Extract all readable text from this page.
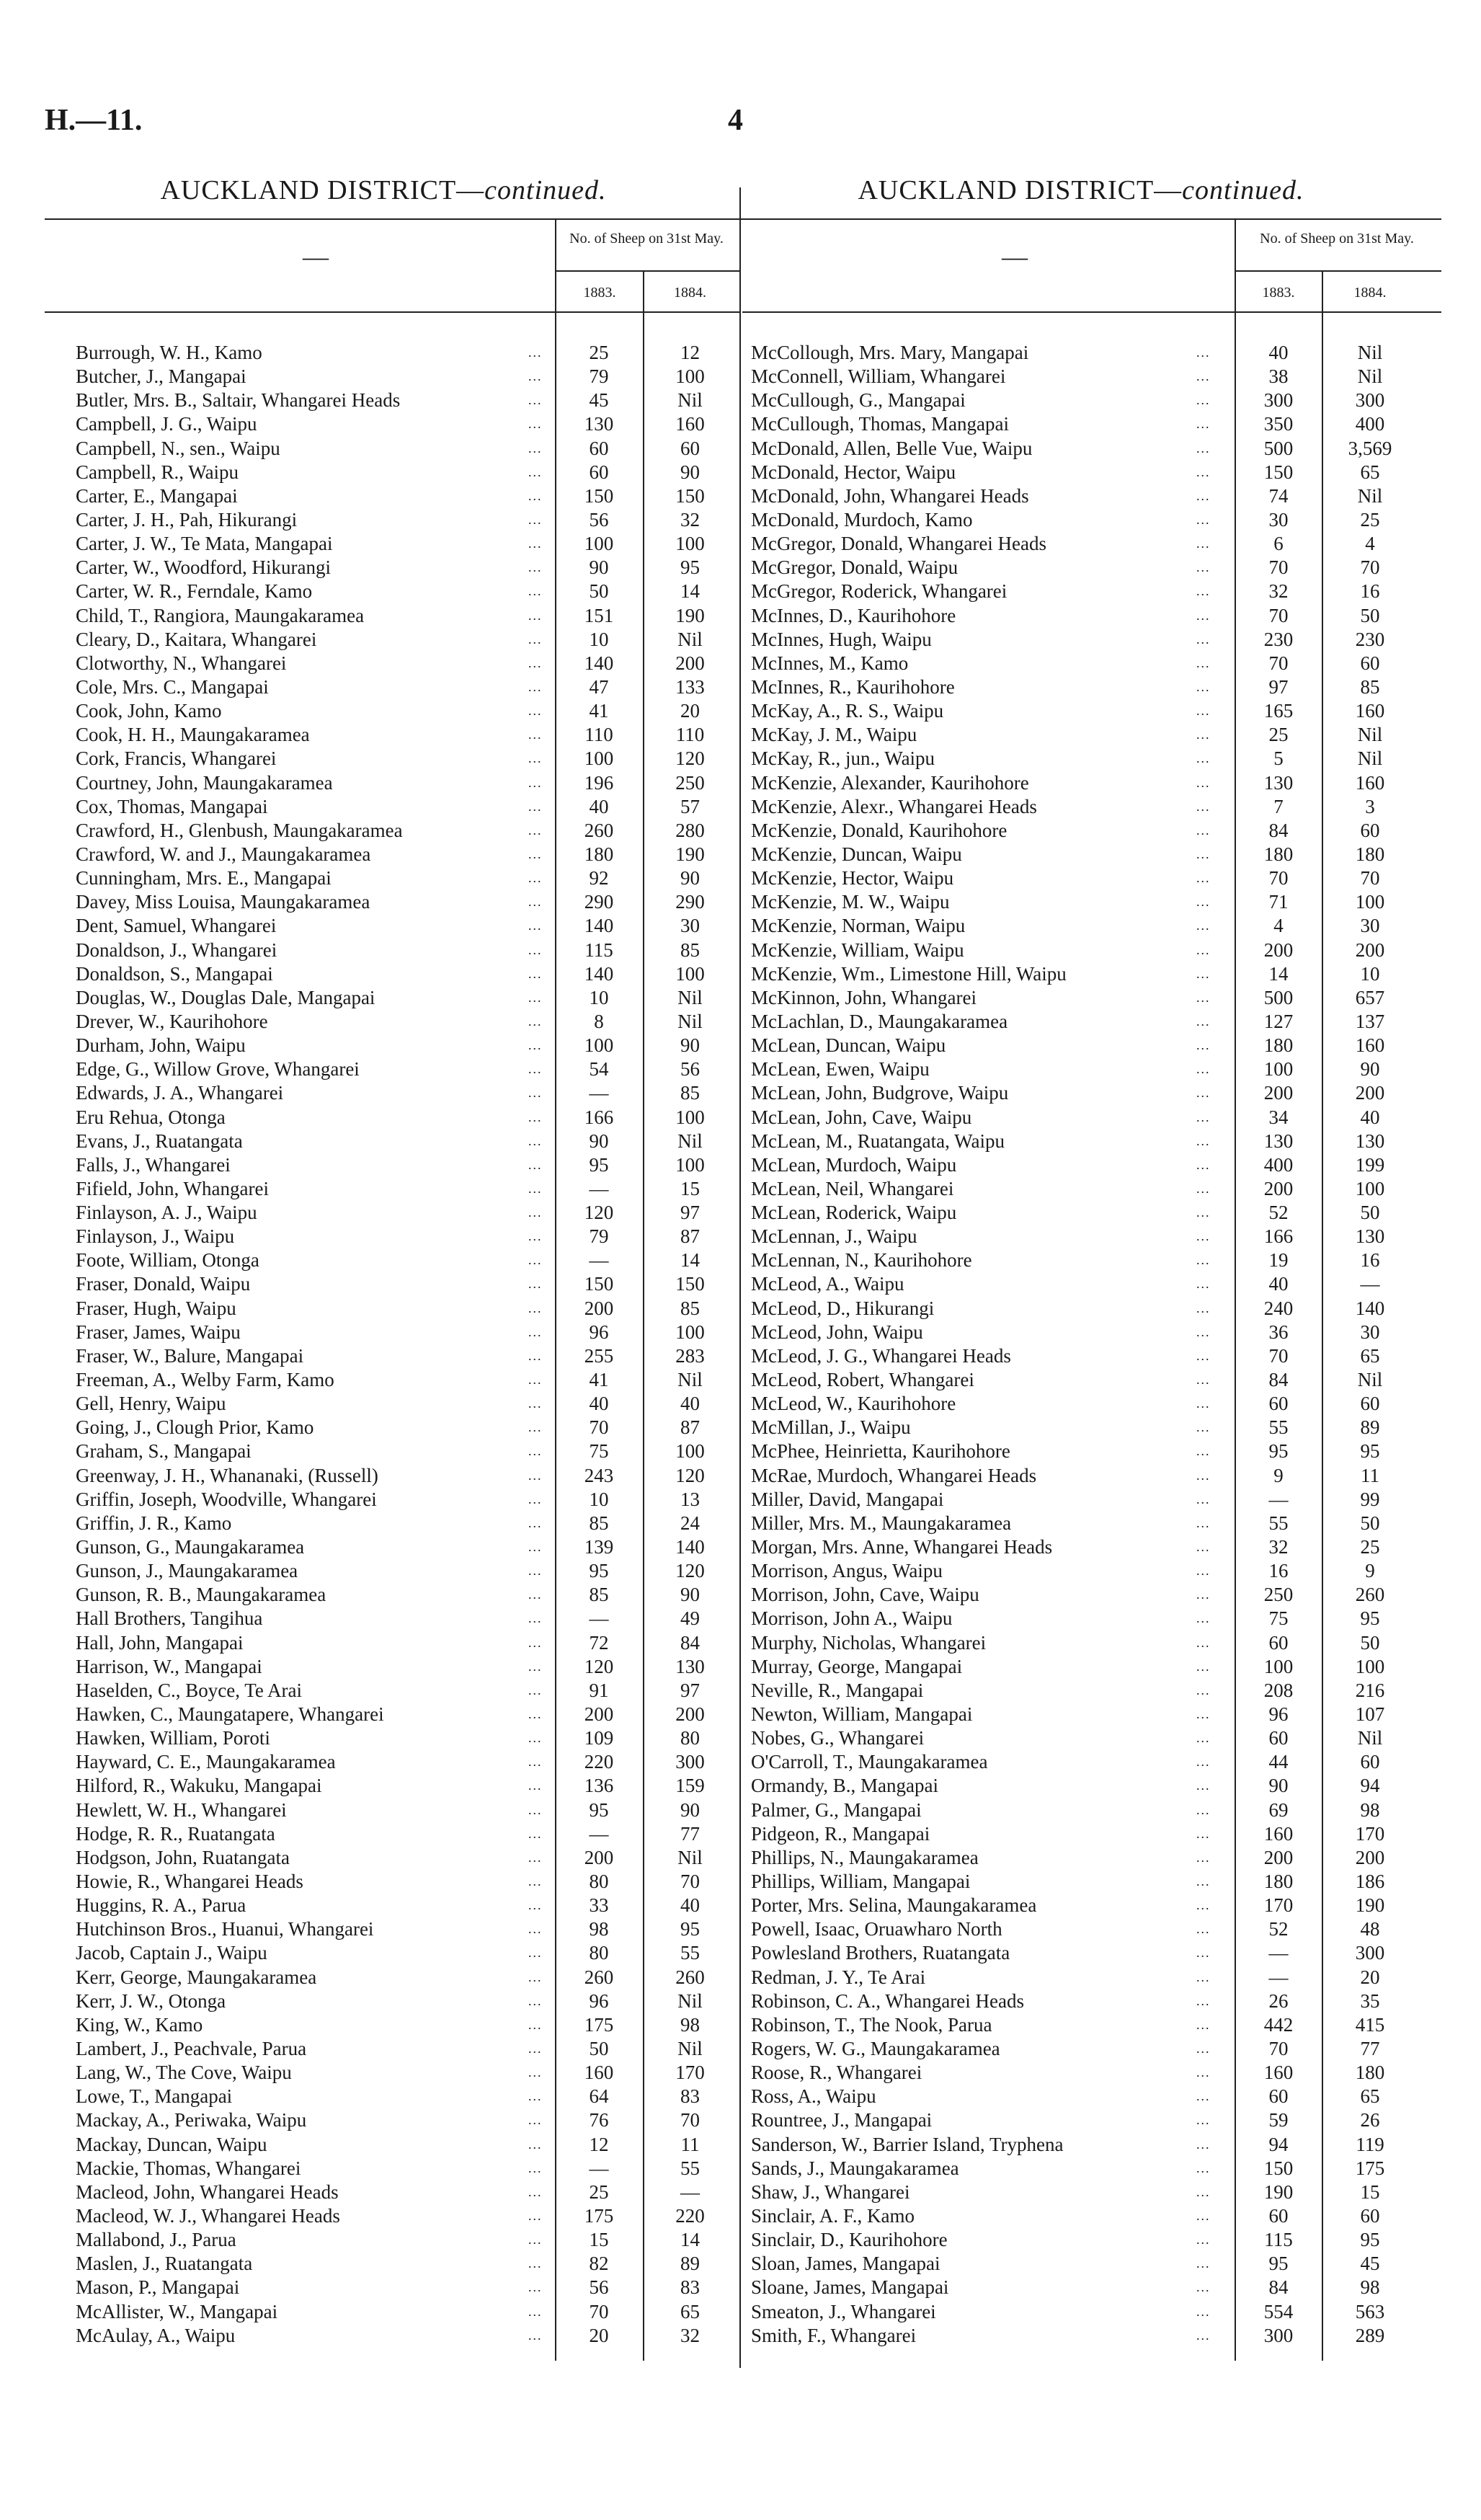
H.—11.	4
AUCKLAND DISTRICT—continued.	AUCKLAND DISTRICT—continued.
—
No. of Sheep on 31st May.
1883.	1884.
—
No. of Sheep on 31st May.
1883.	1884.
Burrough, W. H., Kamo	...	25	12
Butcher, J., Mangapai	...	79	100
Butler, Mrs. B., Saltair, Whangarei Heads	...	45	Nil
Campbell, J. G., Waipu	...	130	160
Campbell, N., sen., Waipu	...	60	60
Campbell, R., Waipu	...	60	90
Carter, E., Mangapai	...	150	150
Carter, J. H., Pah, Hikurangi	...	56	32
Carter, J. W., Te Mata, Mangapai	...	100	100
Carter, W., Woodford, Hikurangi	...	90	95
Carter, W. R., Ferndale, Kamo	...	50	14
Child, T., Rangiora, Maungakaramea	...	151	190
Cleary, D., Kaitara, Whangarei	...	10	Nil
Clotworthy, N., Whangarei	...	140	200
Cole, Mrs. C., Mangapai	...	47	133
Cook, John, Kamo	...	41	20
Cook, H. H., Maungakaramea	...	110	110
Cork, Francis, Whangarei	...	100	120
Courtney, John, Maungakaramea	...	196	250
Cox, Thomas, Mangapai	...	40	57
Crawford, H., Glenbush, Maungakaramea	...	260	280
Crawford, W. and J., Maungakaramea	...	180	190
Cunningham, Mrs. E., Mangapai	...	92	90
Davey, Miss Louisa, Maungakaramea	...	290	290
Dent, Samuel, Whangarei	...	140	30
Donaldson, J., Whangarei	...	115	85
Donaldson, S., Mangapai	...	140	100
Douglas, W., Douglas Dale, Mangapai	...	10	Nil
Drever, W., Kaurihohore	...	8	Nil
Durham, John, Waipu	...	100	90
Edge, G., Willow Grove, Whangarei	...	54	56
Edwards, J. A., Whangarei	...	—	85
Eru Rehua, Otonga	...	166	100
Evans, J., Ruatangata	...	90	Nil
Falls, J., Whangarei	...	95	100
Fifield, John, Whangarei	...	—	15
Finlayson, A. J., Waipu	...	120	97
Finlayson, J., Waipu	...	79	87
Foote, William, Otonga	...	—	14
Fraser, Donald, Waipu	...	150	150
Fraser, Hugh, Waipu	...	200	85
Fraser, James, Waipu	...	96	100
Fraser, W., Balure, Mangapai	...	255	283
Freeman, A., Welby Farm, Kamo	...	41	Nil
Gell, Henry, Waipu	...	40	40
Going, J., Clough Prior, Kamo	...	70	87
Graham, S., Mangapai	...	75	100
Greenway, J. H., Whananaki, (Russell)	...	243	120
Griffin, Joseph, Woodville, Whangarei	...	10	13
Griffin, J. R., Kamo	...	85	24
Gunson, G., Maungakaramea	...	139	140
Gunson, J., Maungakaramea	...	95	120
Gunson, R. B., Maungakaramea	...	85	90
Hall Brothers, Tangihua	...	—	49
Hall, John, Mangapai	...	72	84
Harrison, W., Mangapai	...	120	130
Haselden, C., Boyce, Te Arai	...	91	97
Hawken, C., Maungatapere, Whangarei	...	200	200
Hawken, William, Poroti	...	109	80
Hayward, C. E., Maungakaramea	...	220	300
Hilford, R., Wakuku, Mangapai	...	136	159
Hewlett, W. H., Whangarei	...	95	90
Hodge, R. R., Ruatangata	...	—	77
Hodgson, John, Ruatangata	...	200	Nil
Howie, R., Whangarei Heads	...	80	70
Huggins, R. A., Parua	...	33	40
Hutchinson Bros., Huanui, Whangarei	...	98	95
Jacob, Captain J., Waipu	...	80	55
Kerr, George, Maungakaramea	...	260	260
Kerr, J. W., Otonga	...	96	Nil
King, W., Kamo	...	175	98
Lambert, J., Peachvale, Parua	...	50	Nil
Lang, W., The Cove, Waipu	...	160	170
Lowe, T., Mangapai	...	64	83
Mackay, A., Periwaka, Waipu	...	76	70
Mackay, Duncan, Waipu	...	12	11
Mackie, Thomas, Whangarei	...	—	55
Macleod, John, Whangarei Heads	...	25	—
Macleod, W. J., Whangarei Heads	...	175	220
Mallabond, J., Parua	...	15	14
Maslen, J., Ruatangata	...	82	89
Mason, P., Mangapai	...	56	83
McAllister, W., Mangapai	...	70	65
McAulay, A., Waipu	...	20	32
McCollough, Mrs. Mary, Mangapai	...	40	Nil
McConnell, William, Whangarei	...	38	Nil
McCullough, G., Mangapai	...	300	300
McCullough, Thomas, Mangapai	...	350	400
McDonald, Allen, Belle Vue, Waipu	...	500	3,569
McDonald, Hector, Waipu	...	150	65
McDonald, John, Whangarei Heads	...	74	Nil
McDonald, Murdoch, Kamo	...	30	25
McGregor, Donald, Whangarei Heads	...	6	4
McGregor, Donald, Waipu	...	70	70
McGregor, Roderick, Whangarei	...	32	16
McInnes, D., Kaurihohore	...	70	50
McInnes, Hugh, Waipu	...	230	230
McInnes, M., Kamo	...	70	60
McInnes, R., Kaurihohore	...	97	85
McKay, A., R. S., Waipu	...	165	160
McKay, J. M., Waipu	...	25	Nil
McKay, R., jun., Waipu	...	5	Nil
McKenzie, Alexander, Kaurihohore	...	130	160
McKenzie, Alexr., Whangarei Heads	...	7	3
McKenzie, Donald, Kaurihohore	...	84	60
McKenzie, Duncan, Waipu	...	180	180
McKenzie, Hector, Waipu	...	70	70
McKenzie, M. W., Waipu	...	71	100
McKenzie, Norman, Waipu	...	4	30
McKenzie, William, Waipu	...	200	200
McKenzie, Wm., Limestone Hill, Waipu	...	14	10
McKinnon, John, Whangarei	...	500	657
McLachlan, D., Maungakaramea	...	127	137
McLean, Duncan, Waipu	...	180	160
McLean, Ewen, Waipu	...	100	90
McLean, John, Budgrove, Waipu	...	200	200
McLean, John, Cave, Waipu	...	34	40
McLean, M., Ruatangata, Waipu	...	130	130
McLean, Murdoch, Waipu	...	400	199
McLean, Neil, Whangarei	...	200	100
McLean, Roderick, Waipu	...	52	50
McLennan, J., Waipu	...	166	130
McLennan, N., Kaurihohore	...	19	16
McLeod, A., Waipu	...	40	—
McLeod, D., Hikurangi	...	240	140
McLeod, John, Waipu	...	36	30
McLeod, J. G., Whangarei Heads	...	70	65
McLeod, Robert, Whangarei	...	84	Nil
McLeod, W., Kaurihohore	...	60	60
McMillan, J., Waipu	...	55	89
McPhee, Heinrietta, Kaurihohore	...	95	95
McRae, Murdoch, Whangarei Heads	...	9	11
Miller, David, Mangapai	...	—	99
Miller, Mrs. M., Maungakaramea	...	55	50
Morgan, Mrs. Anne, Whangarei Heads	...	32	25
Morrison, Angus, Waipu	...	16	9
Morrison, John, Cave, Waipu	...	250	260
Morrison, John A., Waipu	...	75	95
Murphy, Nicholas, Whangarei	...	60	50
Murray, George, Mangapai	...	100	100
Neville, R., Mangapai	...	208	216
Newton, William, Mangapai	...	96	107
Nobes, G., Whangarei	...	60	Nil
O'Carroll, T., Maungakaramea	...	44	60
Ormandy, B., Mangapai	...	90	94
Palmer, G., Mangapai	...	69	98
Pidgeon, R., Mangapai	...	160	170
Phillips, N., Maungakaramea	...	200	200
Phillips, William, Mangapai	...	180	186
Porter, Mrs. Selina, Maungakaramea	...	170	190
Powell, Isaac, Oruawharo North	...	52	48
Powlesland Brothers, Ruatangata	...	—	300
Redman, J. Y., Te Arai	...	—	20
Robinson, C. A., Whangarei Heads	...	26	35
Robinson, T., The Nook, Parua	...	442	415
Rogers, W. G., Maungakaramea	...	70	77
Roose, R., Whangarei	...	160	180
Ross, A., Waipu	...	60	65
Rountree, J., Mangapai	...	59	26
Sanderson, W., Barrier Island, Tryphena	...	94	119
Sands, J., Maungakaramea	...	150	175
Shaw, J., Whangarei	...	190	15
Sinclair, A. F., Kamo	...	60	60
Sinclair, D., Kaurihohore	...	115	95
Sloan, James, Mangapai	...	95	45
Sloane, James, Mangapai	...	84	98
Smeaton, J., Whangarei	...	554	563
Smith, F., Whangarei	...	300	289
